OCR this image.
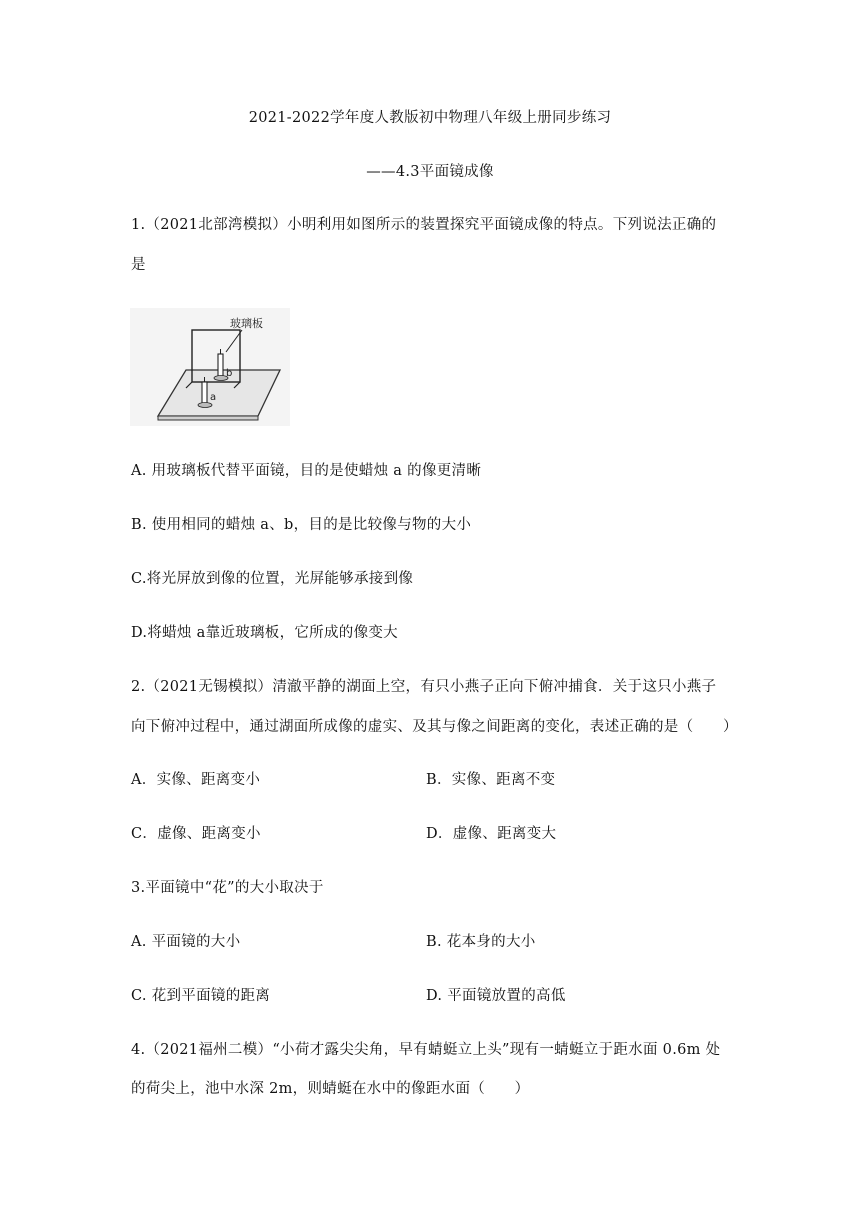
2021-2022学年度人教版初中物理八年级上册同步练习
——4.3平面镜成像
1.（2021北部湾模拟）小明利用如图所示的装置探究平面镜成像的特点。下列说法正确的
是
玻璃板
b
a
A. 用玻璃板代替平面镜，目的是使蜡烛 a 的像更清晰
B. 使用相同的蜡烛 a、b，目的是比较像与物的大小
C.将光屏放到像的位置，光屏能够承接到像
D.将蜡烛 a靠近玻璃板，它所成的像变大
2.（2021无锡模拟）清澈平静的湖面上空，有只小燕子正向下俯冲捕食．关于这只小燕子
向下俯冲过程中，通过湖面所成像的虚实、及其与像之间距离的变化，表述正确的是（　　）
A．实像、距离变小	B．实像、距离不变
C．虚像、距离变小	D．虚像、距离变大
3.平面镜中“花”的大小取决于
A. 平面镜的大小	B. 花本身的大小
C. 花到平面镜的距离	D. 平面镜放置的高低
4.（2021福州二模）“小荷才露尖尖角，早有蜻蜓立上头”现有一蜻蜓立于距水面 0.6m 处
的荷尖上，池中水深 2m，则蜻蜓在水中的像距水面（　　）
